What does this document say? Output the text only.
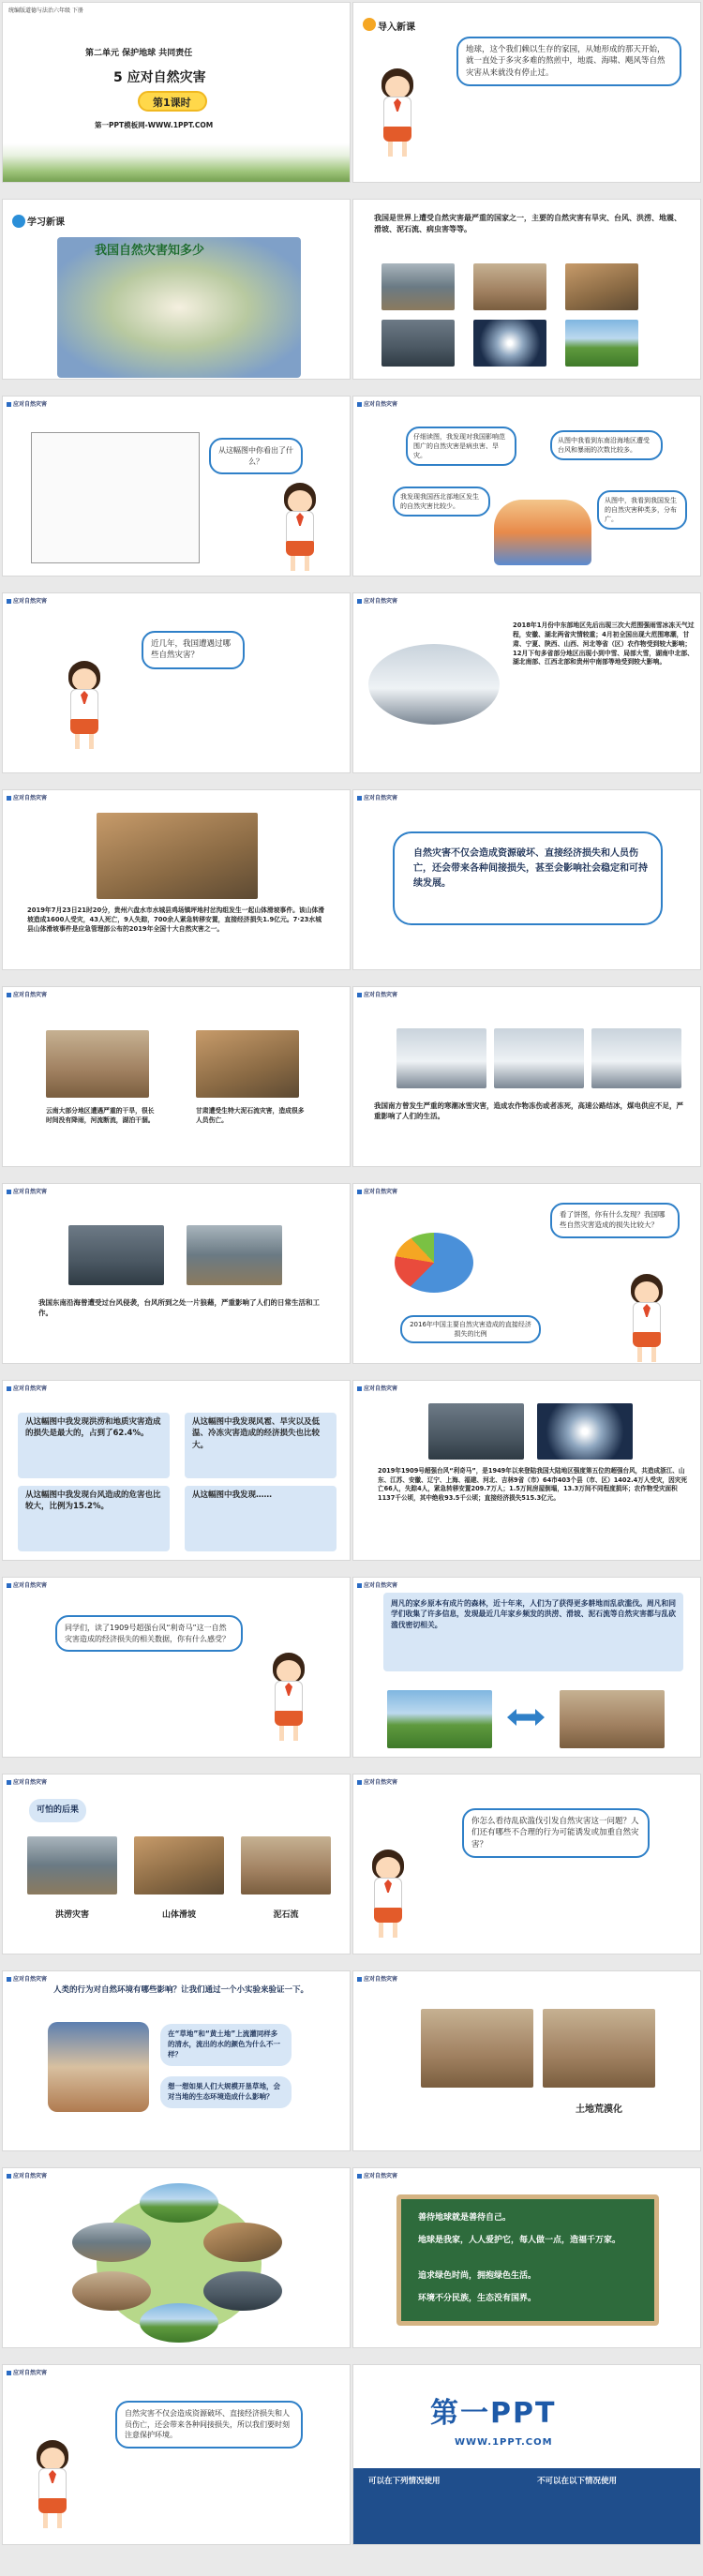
统编版道德与法治六年级 下册
第二单元 保护地球 共同责任
5 应对自然灾害
第1课时
第一PPT模板网-WWW.1PPT.COM
导入新课
地球，这个我们赖以生存的家园，从她形成的那天开始，就一直处于多灾多难的熬煎中，地震、海啸、飓风等自然灾害从来就没有停止过。
学习新课
我国自然灾害知多少
我国是世界上遭受自然灾害最严重的国家之一，主要的自然灾害有旱灾、台风、洪涝、地震、滑坡、泥石流、病虫害等等。
应对自然灾害
从这幅图中你看出了什么？
应对自然灾害
仔细读图，我发现对我国影响范围广的自然灾害是病虫害、旱灾。
从图中我看到东南沿海地区遭受台风和暴雨的次数比较多。
我发现我国西北部地区发生的自然灾害比较少。
从图中，我看到我国发生的自然灾害种类多，分布广。
应对自然灾害
近几年，我国遭遇过哪些自然灾害？
应对自然灾害
2018年1月份中东部地区先后出现三次大范围强雨雪冰冻天气过程，安徽、湖北两省灾情较重；4月初全国出现大范围寒潮，甘肃、宁夏、陕西、山西、河北等省（区）农作物受到较大影响；12月下旬多省部分地区出现小到中雪、局部大雪，湖南中北部、湖北南部、江西北部和贵州中南部等地受到较大影响。
应对自然灾害
2019年7月23日21时20分，贵州六盘水市水城县鸡场镇坪地村岔沟组发生一起山体滑坡事件。该山体滑坡造成1600人受灾，43人死亡，9人失踪，700余人紧急转移安置，直接经济损失1.9亿元。7·23水城县山体滑坡事件是应急管理部公布的2019年全国十大自然灾害之一。
应对自然灾害
自然灾害不仅会造成资源破坏、直接经济损失和人员伤亡，还会带来各种间接损失，甚至会影响社会稳定和可持续发展。
应对自然灾害
云南大部分地区遭遇严重的干旱，很长时间没有降雨，河流断流，湖泊干涸。
甘肃遭受生特大泥石流灾害，造成很多人员伤亡。
应对自然灾害
我国南方曾发生严重的寒潮冰雪灾害，造成农作物冻伤或者冻死，高速公路结冰，煤电供应不足，严重影响了人们的生活。
应对自然灾害
我国东南沿海曾遭受过台风侵袭，台风所到之处一片狼藉，严重影响了人们的日常生活和工作。
应对自然灾害
看了饼图，你有什么发现？我国哪些自然灾害造成的损失比较大？
2016年中国主要自然灾害造成的直接经济损失的比例
应对自然灾害
从这幅图中我发现洪涝和地质灾害造成的损失是最大的，占到了62.4%。
从这幅图中我发现风雹、旱灾以及低温、冷冻灾害造成的经济损失也比较大。
从这幅图中我发现台风造成的危害也比较大，比例为15.2%。
从这幅图中我发现……
应对自然灾害
2019年1909号超强台风“利奇马”，是1949年以来登陆我国大陆地区强度第五位的超强台风，共造成浙江、山东、江苏、安徽、辽宁、上海、福建、河北、吉林9省（市）64市403个县（市、区）1402.4万人受灾，因灾死亡66人，失踪4人，紧急转移安置209.7万人；1.5万间房屋倒塌，13.3万间不同程度损坏；农作物受灾面积1137千公顷，其中绝收93.5千公顷；直接经济损失515.3亿元。
应对自然灾害
同学们，读了1909号超强台风“利奇马”这一自然灾害造成的经济损失的相关数据，你有什么感受？
应对自然灾害
周凡的家乡原本有成片的森林，近十年来，人们为了获得更多耕地而乱砍滥伐。周凡和同学们收集了许多信息，发现最近几年家乡频发的洪涝、滑坡、泥石流等自然灾害都与乱砍滥伐密切相关。
应对自然灾害
可怕的后果
洪涝灾害	山体滑坡	泥石流
应对自然灾害
你怎么看待乱砍滥伐引发自然灾害这一问题？人们还有哪些不合理的行为可能诱发或加重自然灾害？
应对自然灾害
人类的行为对自然环境有哪些影响？让我们通过一个小实验来验证一下。
在“草地”和“黄土地”上流灌同样多的清水，流出的水的颜色为什么不一样？
想一想如果人们大规模开垦草地，会对当地的生态环境造成什么影响？
应对自然灾害
土地荒漠化
应对自然灾害	应对自然灾害
善待地球就是善待自己。
地球是我家，人人爱护它，每人做一点，造福千万家。
追求绿色时尚，拥抱绿色生活。
环境不分民族，生态没有国界。
应对自然灾害
自然灾害不仅会造成资源破坏、直接经济损失和人员伤亡，还会带来各种间接损失，所以我们要时刻注意保护环境。
第一PPT
WWW.1PPT.COM
可以在下列情况使用	不可以在以下情况使用
